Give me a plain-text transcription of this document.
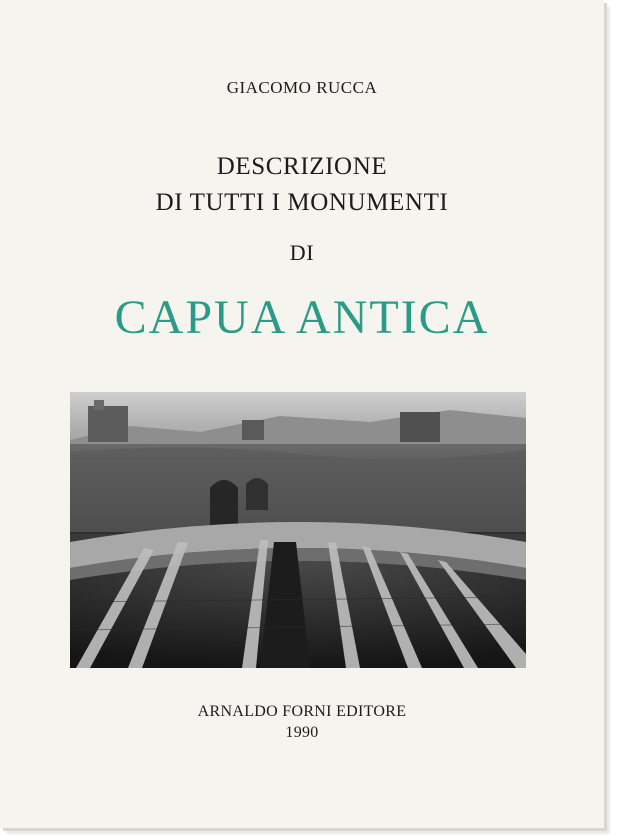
GIACOMO RUCCA
DESCRIZIONE
DI TUTTI I MONUMENTI
DI
CAPUA ANTICA
ARNALDO FORNI EDITORE
1990
